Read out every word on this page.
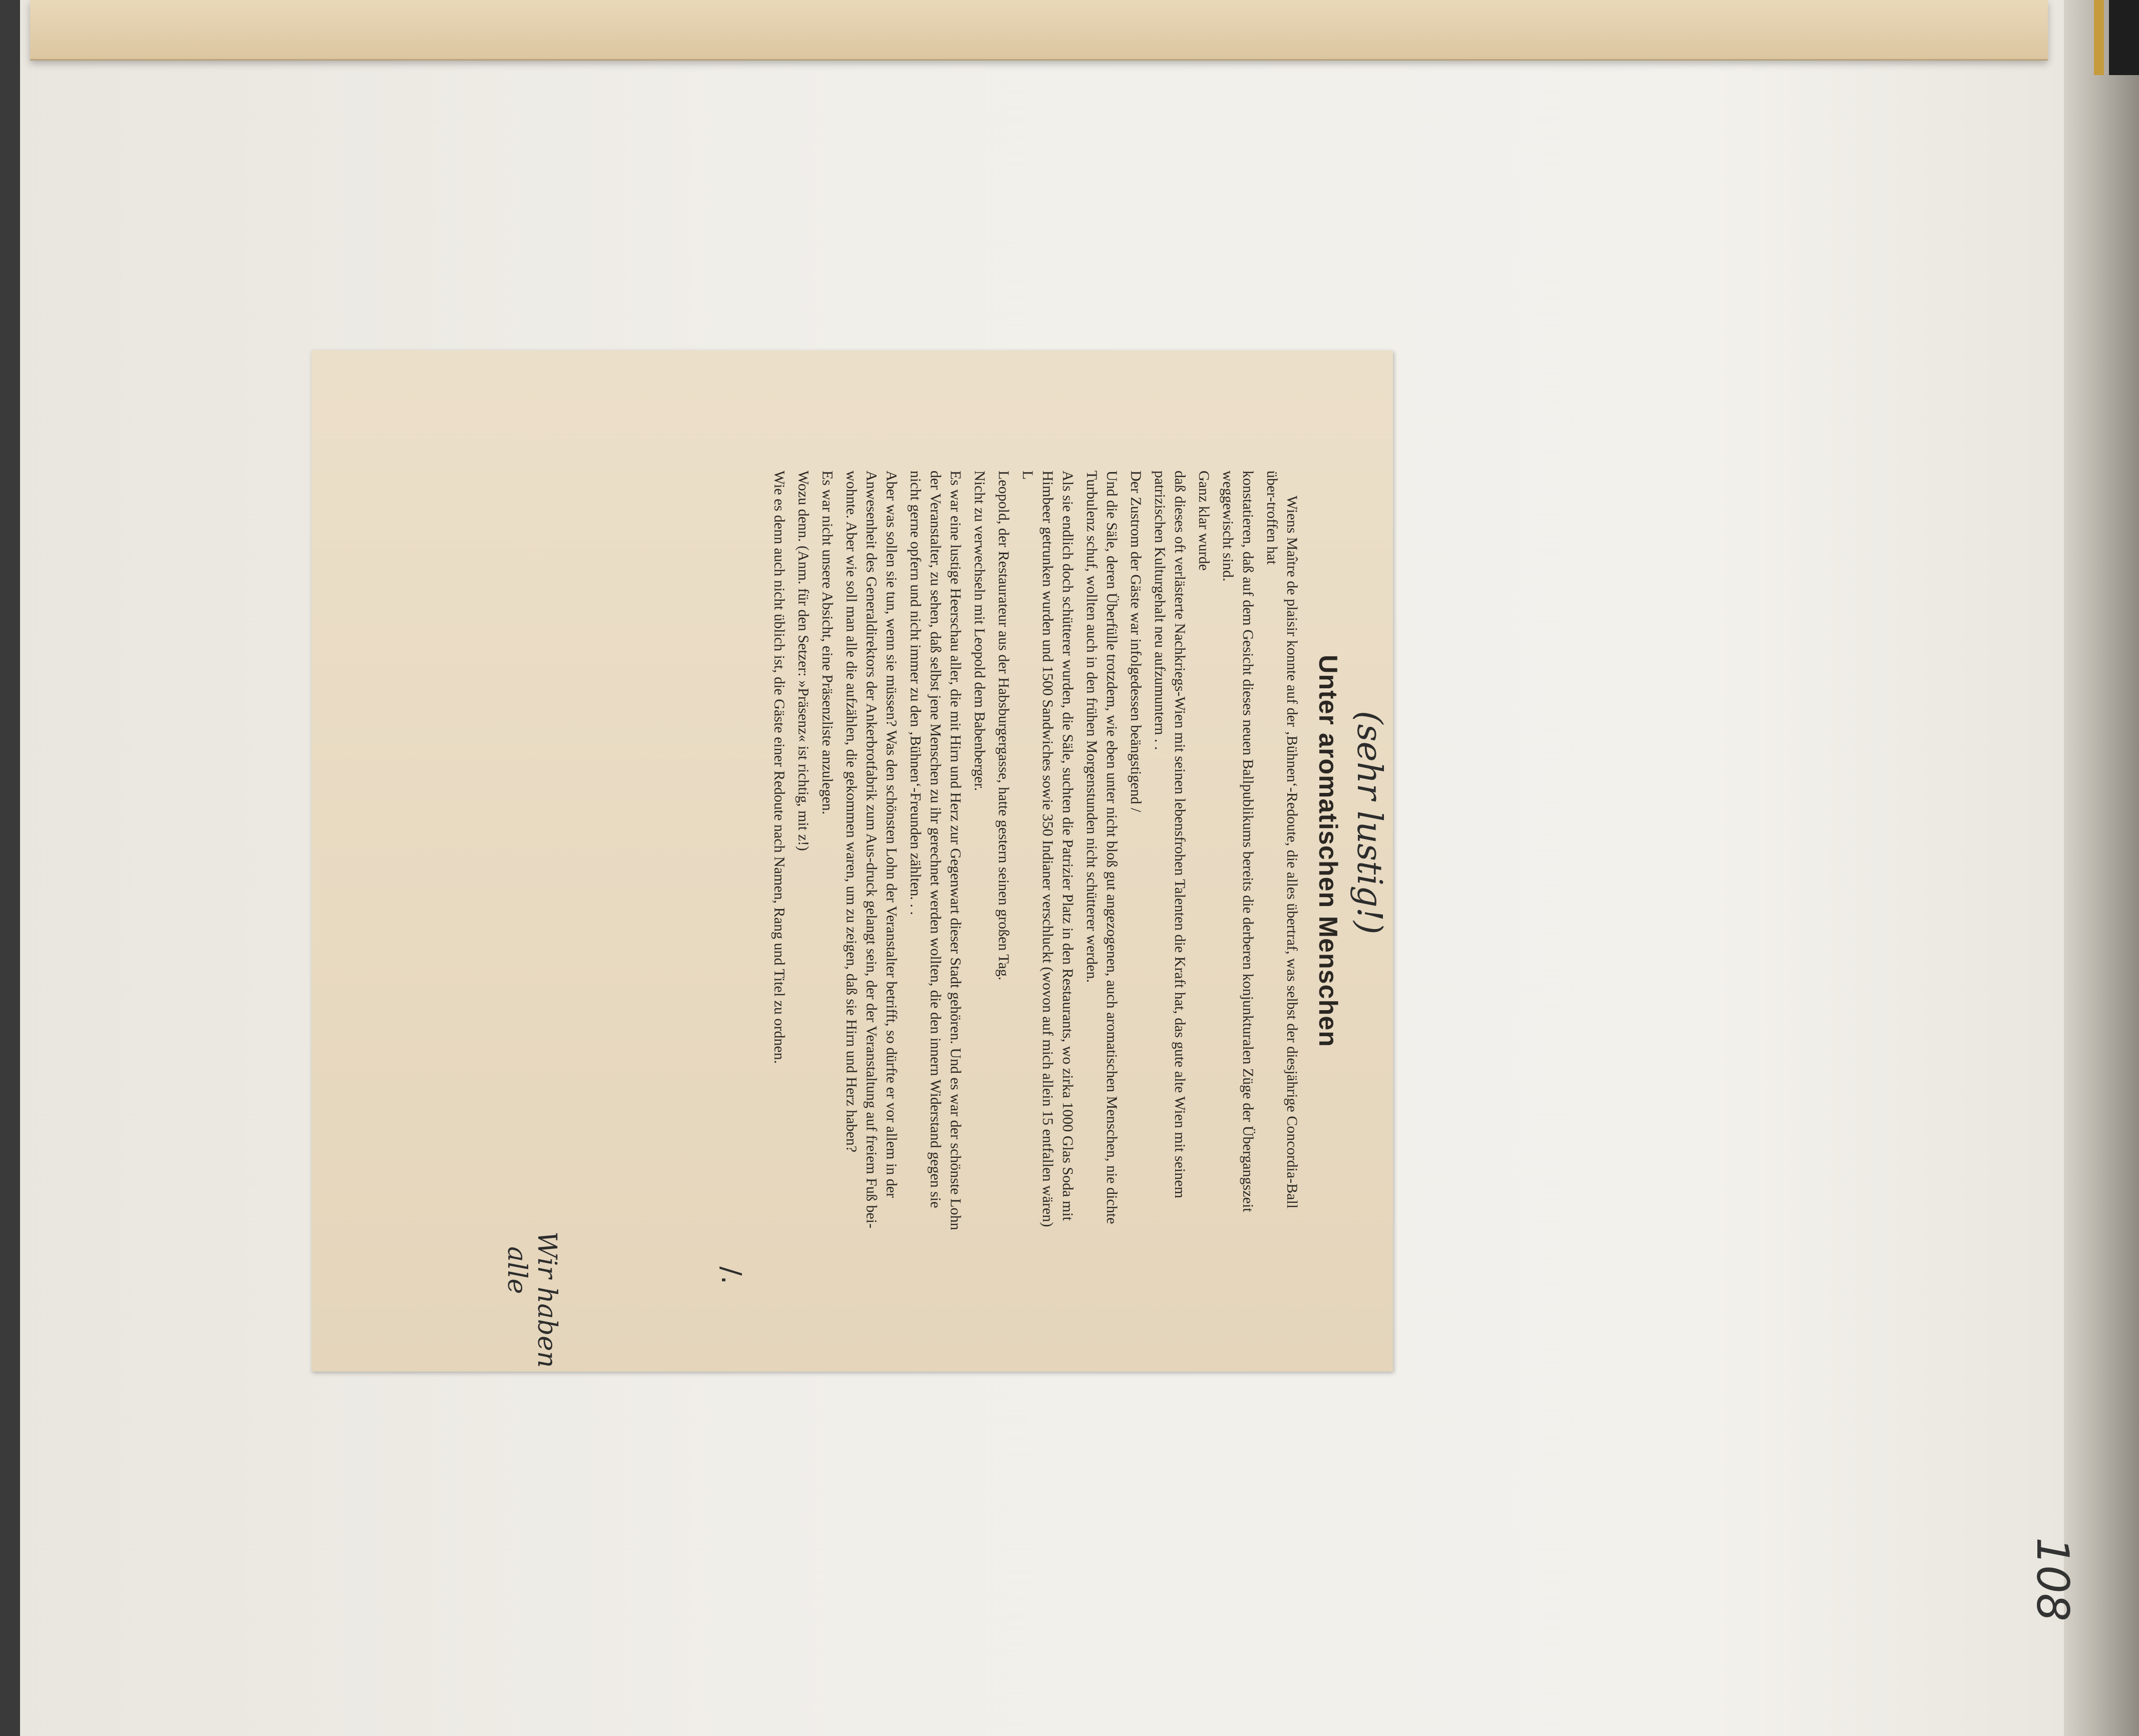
108
(sehr lustig!)
Unter aromatischen Menschen

Wiens Maître de plaisir konnte auf der ‚Bühnen‘-Redoute, die alles übertraf, was selbst der diesjährige Concordia-Ball über-troffen hat

konstatieren, daß auf dem Gesicht dieses neuen Ballpublikums bereits die derberen konjunkturalen Züge der Übergangszeit weggewischt sind.

Ganz klar wurde

daß dieses oft verlästerte Nachkriegs-Wien mit seinen lebensfrohen Talenten die Kraft hat, das gute alte Wien mit seinem patrizischen Kulturgehalt neu aufzumuntern . .

Der Zustrom der Gäste war infolgedessen beängstigend /

Und die Säle, deren Überfülle trotzdem, wie eben unter nicht bloß gut angezogenen, auch aromatischen Menschen, nie dichte Turbulenz schuf, wollten auch in den frühen Morgenstunden nicht schütterer werden.

Als sie endlich doch schütterer wurden, die Säle, suchten die Patrizier Platz in den Restaurants, wo zirka 1000 Glas Soda mit Himbeer getrunken wurden und 1500 Sandwiches sowie 350 Indianer verschluckt (wovon auf mich allein 15 entfallen wären) L

Leopold, der Restaurateur aus der Habsburgergasse, hatte gestern seinen großen Tag.

Nicht zu verwechseln mit Leopold dem Babenberger.

Es war eine lustige Heerschau aller, die mit Hirn und Herz zur Gegenwart dieser Stadt gehören. Und es war der schönste Lohn der Veranstalter, zu sehen, daß selbst jene Menschen zu ihr gerechnet werden wollten, die den innern Widerstand gegen sie nicht gerne opfern und nicht immer zu den ‚Bühnen‘-Freunden zählten. . .

Aber was sollen sie tun, wenn sie müssen? Was den schönsten Lohn der Veranstalter betrifft, so dürfte er vor allem in der Anwesenheit des Generaldirektors der Ankerbrotfabrik zum Aus-druck gelangt sein, der der Veranstaltung auf freiem Fuß bei-wohnte. Aber wie soll man alle die aufzählen, die gekommen waren, um zu zeigen, daß sie Hirn und Herz haben?

Es war nicht unsere Absicht, eine Präsenzliste anzulegen.

Wozu denn. (Anm. für den Setzer: »Präsenz« ist richtig, mit z!)

Wie es denn auch nicht üblich ist, die Gäste einer Redoute nach Namen, Rang und Titel zu ordnen.

/.
Wir haben
alle
